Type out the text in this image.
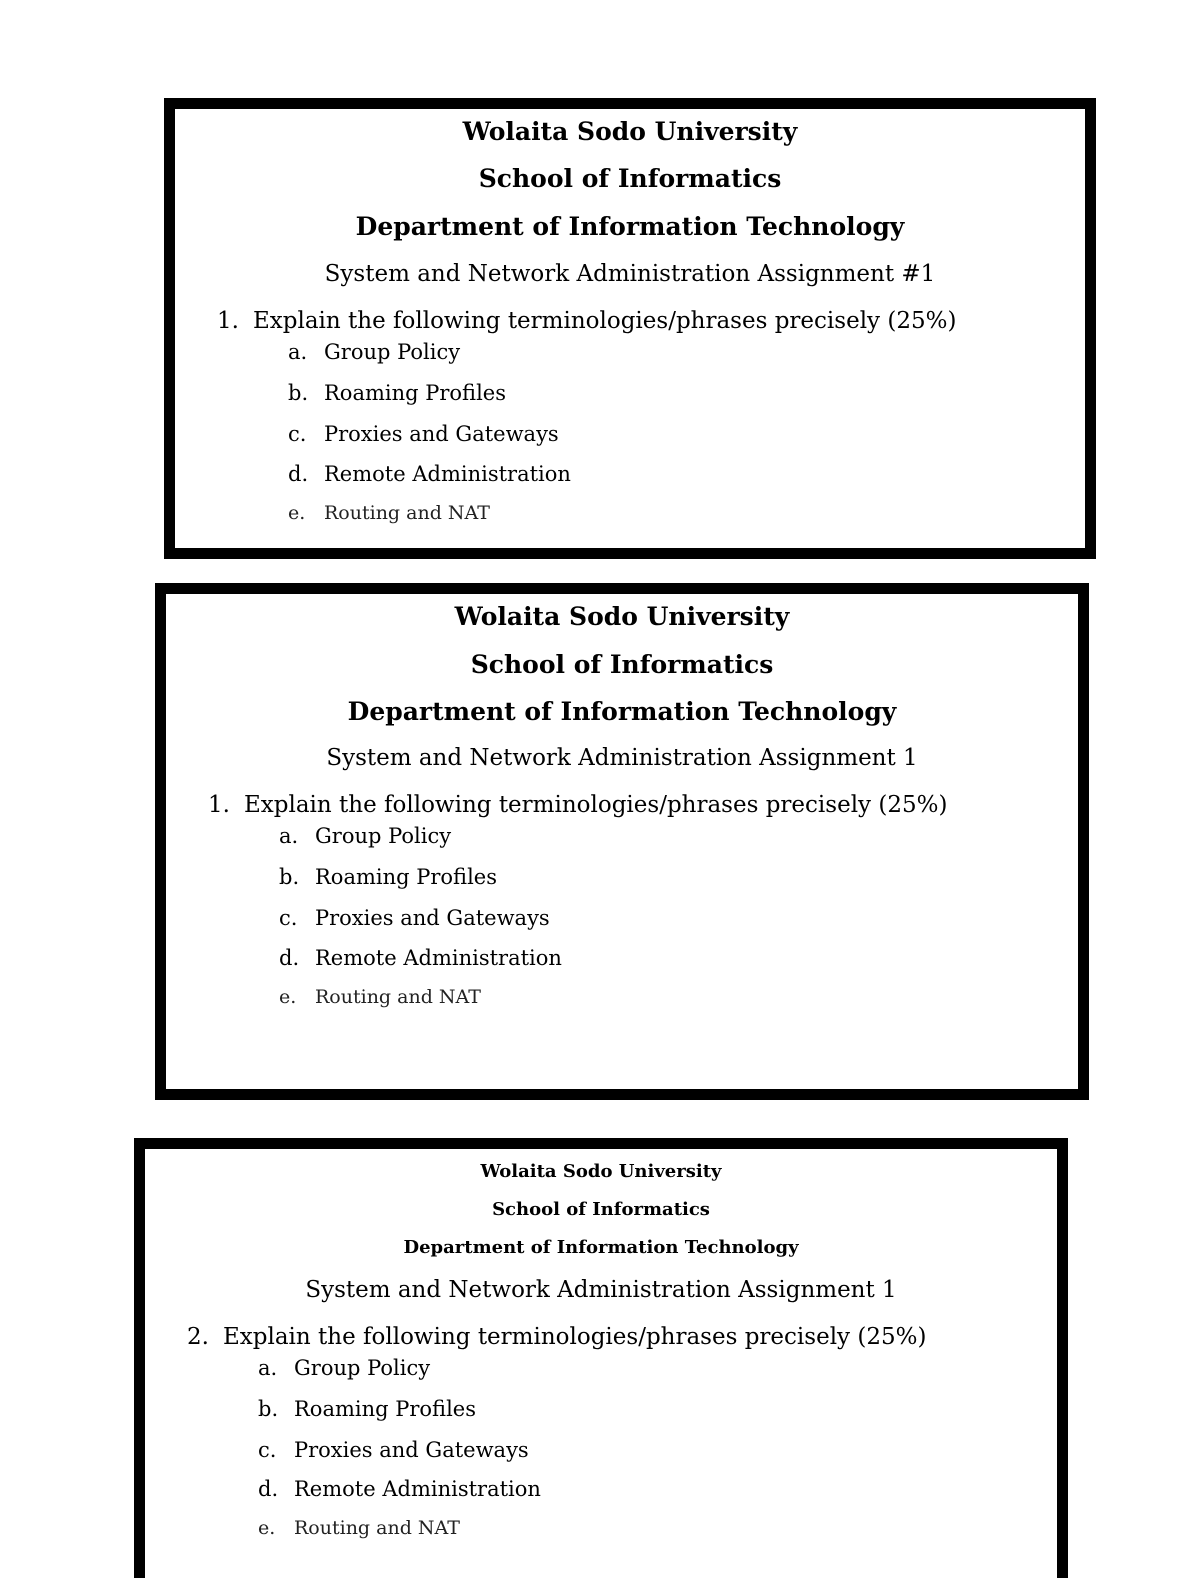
Wolaita Sodo University
School of Informatics
Department of Information Technology
System and Network Administration Assignment #1
1. Explain the following terminologies/phrases precisely (25%)
a. Group Policy
b. Roaming Profiles
c. Proxies and Gateways
d. Remote Administration
e. Routing and NAT
Wolaita Sodo University
School of Informatics
Department of Information Technology
System and Network Administration Assignment 1
1. Explain the following terminologies/phrases precisely (25%)
a. Group Policy
b. Roaming Profiles
c. Proxies and Gateways
d. Remote Administration
e. Routing and NAT
Wolaita Sodo University
School of Informatics
Department of Information Technology
System and Network Administration Assignment 1
2. Explain the following terminologies/phrases precisely (25%)
a. Group Policy
b. Roaming Profiles
c. Proxies and Gateways
d. Remote Administration
e. Routing and NAT
